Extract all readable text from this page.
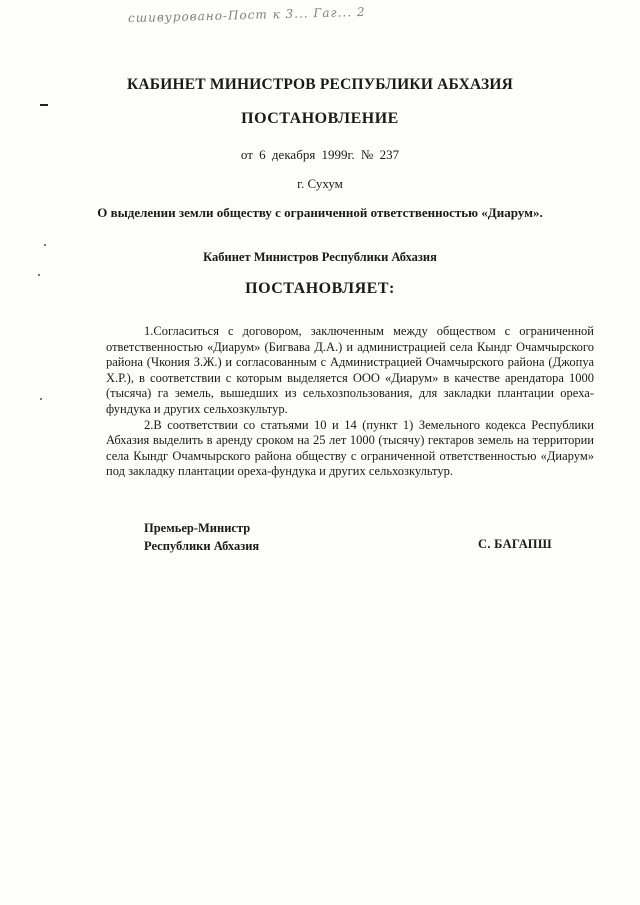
сшивуровано-Пост к 3... Гаг... 2
КАБИНЕТ МИНИСТРОВ РЕСПУБЛИКИ АБХАЗИЯ
ПОСТАНОВЛЕНИЕ
от 6 декабря 1999г. № 237
г. Сухум
О выделении земли обществу с ограниченной ответственностью «Диарум».
Кабинет Министров Республики Абхазия
ПОСТАНОВЛЯЕТ:

1.Согласиться с договором, заключенным между обществом с ограниченной ответственностью «Диарум» (Бигвава Д.А.) и администрацией села Кындг Очамчырского района (Чкония З.Ж.) и согласованным с Администрацией Очамчырского района (Джопуа Х.Р.), в соответствии с которым выделяется ООО «Диарум» в качестве арендатора 1000 (тысяча) га земель, вышедших из сельхозпользования, для закладки плантации ореха-фундука и других сельхозкультур.

2.В соответствии со статьями 10 и 14 (пункт 1) Земельного кодекса Республики Абхазия выделить в аренду сроком на 25 лет 1000 (тысячу) гектаров земель на территории села Кындг Очамчырского района обществу с ограниченной ответственностью «Диарум» под закладку плантации ореха-фундука и других сельхозкультур.

Премьер-Министр
Республики Абхазия	С. БАГАПШ
